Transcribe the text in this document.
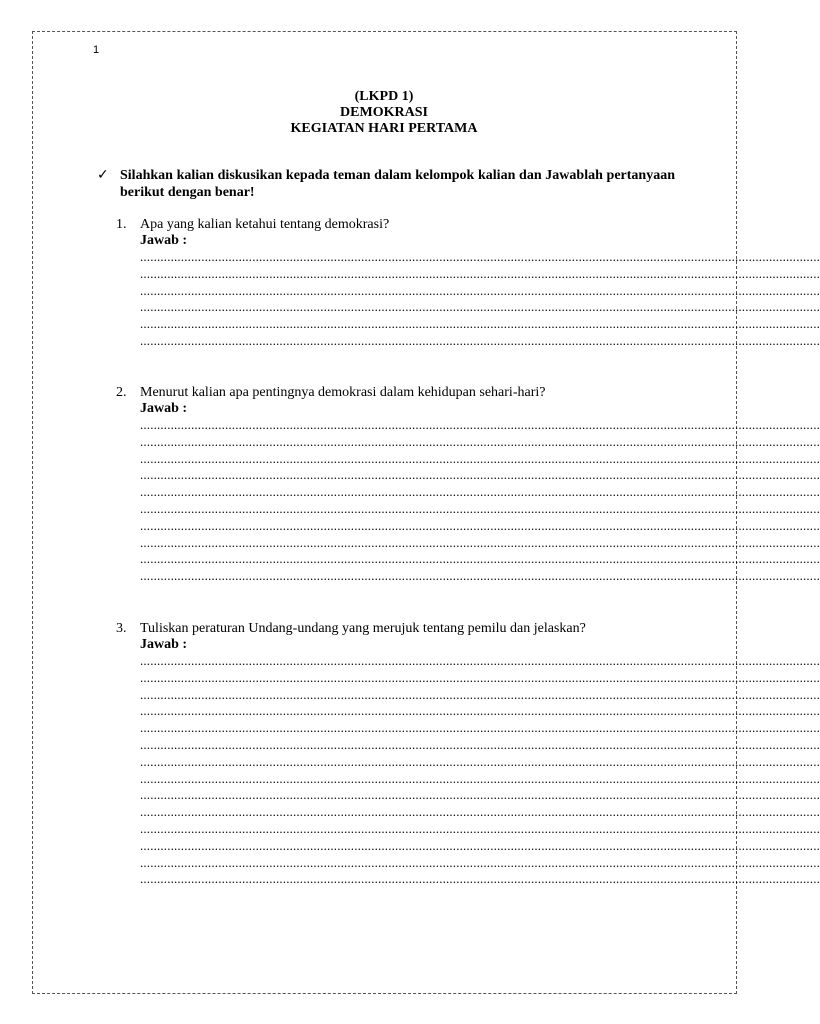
1
(LKPD 1)
DEMOKRASI
KEGIATAN HARI PERTAMA
✓ Silahkan kalian diskusikan kepada teman dalam kelompok kalian dan Jawablah pertanyaan berikut dengan benar!
1. Apa yang kalian ketahui tentang demokrasi?
Jawab :
........................................................................................................................................................................................................
........................................................................................................................................................................................................
........................................................................................................................................................................................................
........................................................................................................................................................................................................
........................................................................................................................................................................................................
........................................................................................................................................................................................................
2. Menurut kalian apa pentingnya demokrasi dalam kehidupan sehari-hari?
Jawab :
........................................................................................................................................................................................................
........................................................................................................................................................................................................
........................................................................................................................................................................................................
........................................................................................................................................................................................................
........................................................................................................................................................................................................
........................................................................................................................................................................................................
........................................................................................................................................................................................................
........................................................................................................................................................................................................
........................................................................................................................................................................................................
........................................................................................................................................................................................................
3. Tuliskan peraturan Undang-undang yang merujuk tentang pemilu dan jelaskan?
Jawab :
........................................................................................................................................................................................................
........................................................................................................................................................................................................
........................................................................................................................................................................................................
........................................................................................................................................................................................................
........................................................................................................................................................................................................
........................................................................................................................................................................................................
........................................................................................................................................................................................................
........................................................................................................................................................................................................
........................................................................................................................................................................................................
........................................................................................................................................................................................................
........................................................................................................................................................................................................
........................................................................................................................................................................................................
........................................................................................................................................................................................................
........................................................................................................................................................................................................
